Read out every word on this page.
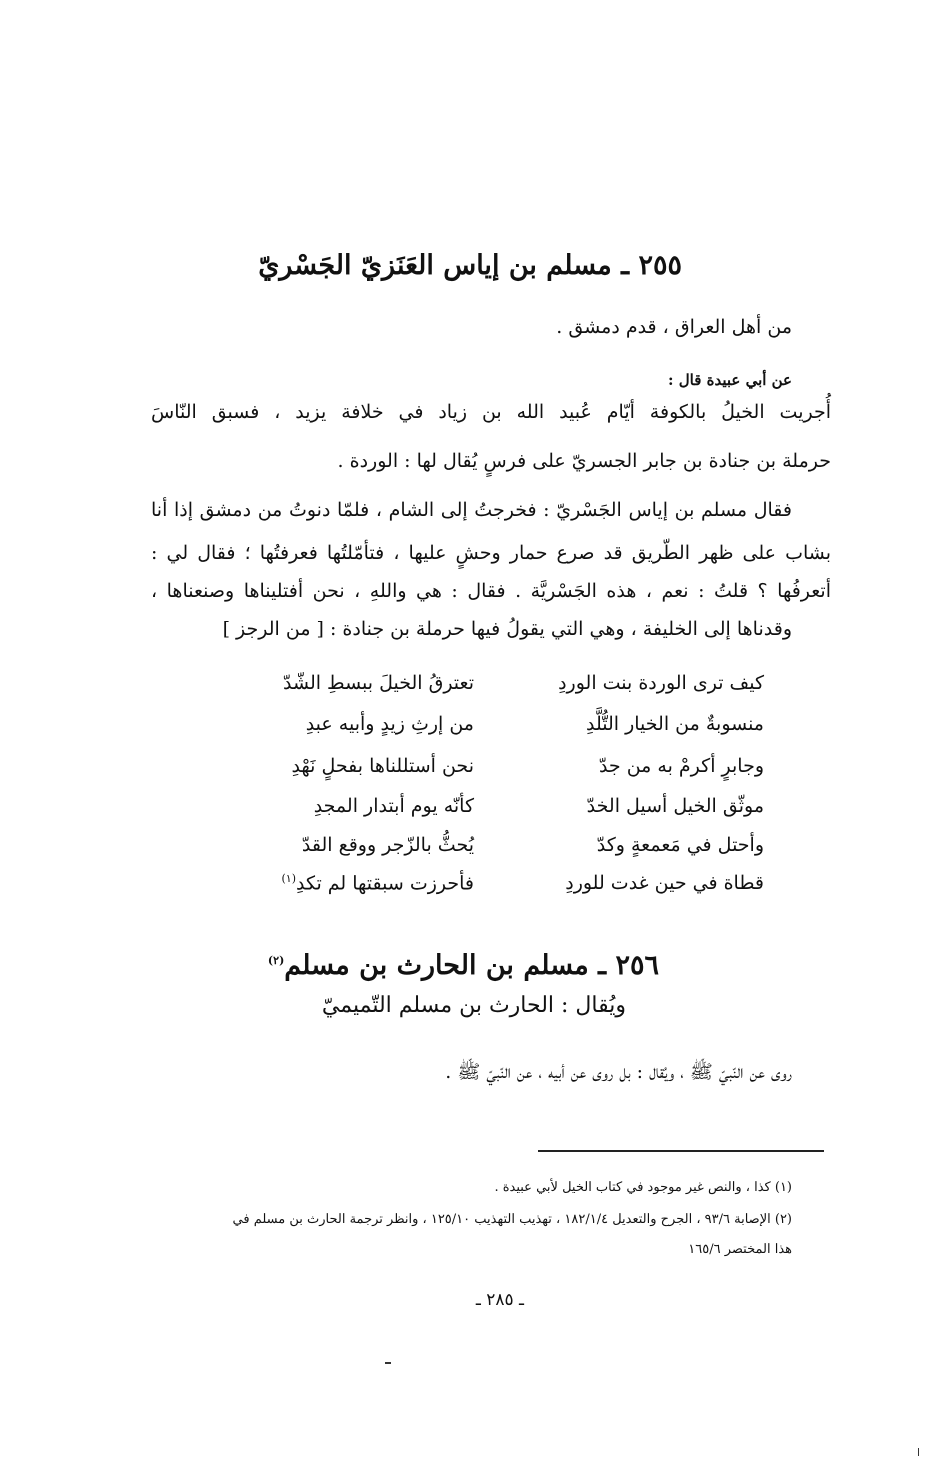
٢٥٥ ـ مسلم بن إياس العَنَزيّ الجَسْريّ
من أهل العراق ، قدم دمشق .
عن أبي عبيدة قال :
أُجريت الخيلُ بالكوفة أيّام عُبيد الله بن زياد في خلافة يزيد ، فسبق النّاسَ
حرملة بن جنادة بن جابر الجسريّ على فرسٍ يُقال لها : الوردة .
فقال مسلم بن إياس الجَسْريّ : فخرجتُ إلى الشام ، فلمّا دنوتُ من دمشق إذا أنا
بشاب على ظهر الطّريق قد صرع حمار وحشٍ عليها ، فتأمّلتُها فعرفتُها ؛ فقال لي :
أتعرفُها ؟ قلتُ : نعم ، هذه الجَسْريَّة . فقال : هي واللهِ ، نحن أفتليناها وصنعناها ،
وقدناها إلى الخليفة ، وهي التي يقولُ فيها حرملة بن جنادة : [ من الرجز ]
كيف ترى الوردة بنت الوردِ
تعترقُ الخيلَ ببسطِ الشّدّ
منسوبةٌ من الخيار التُّلَّدِ
من إرثِ زيدٍ وأبيه عبدِ
وجابرٍ أكرمْ به من جدّ
نحن أستللناها بفحلٍ نَهْدِ
موثّق الخيل أسيل الخدّ
كأنّه يوم أبتدار المجدِ
وأحتل في مَعمعةٍ وكدّ
يُحثُّ بالزّجر ووقع القدّ
قطاة في حين غدت للوردِ
فأحرزت سبقتها لم تكدِ$^{(١)}$
٢٥٦ ـ مسلم بن الحارث بن مسلم$^{(٢)}$
ويُقال : الحارث بن مسلم التّميميّ
روى عن النّبيّ ﷺ ، ويُقال : بل روى عن أبيه ، عن النّبيّ ﷺ .
(١) كذا ، والنص غير موجود في كتاب الخيل لأبي عبيدة .
(٢) الإصابة ٩٣/٦ ، الجرح والتعديل ١٨٢/١/٤ ، تهذيب التهذيب ١٢٥/١٠ ، وانظر ترجمة الحارث بن مسلم في
هذا المختصر ١٦٥/٦
ـ ٢٨٥ ـ
